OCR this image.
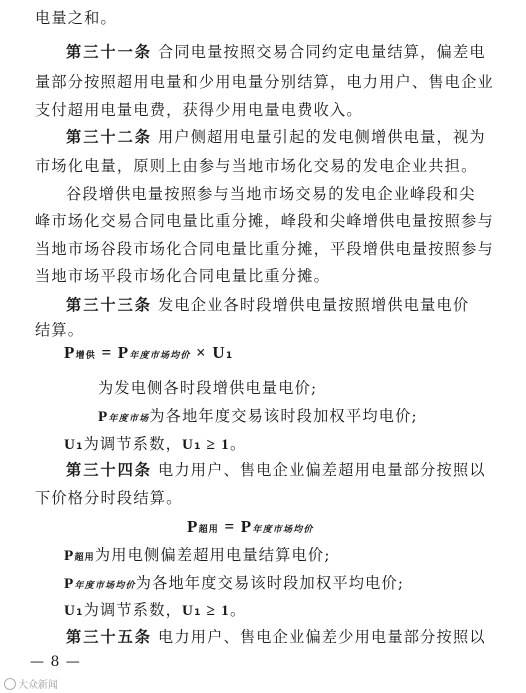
电量之和。
第三十一条 合同电量按照交易合同约定电量结算，偏差电
量部分按照超用电量和少用电量分别结算，电力用户、售电企业
支付超用电量电费，获得少用电量电费收入。
第三十二条 用户侧超用电量引起的发电侧增供电量，视为
市场化电量，原则上由参与当地市场化交易的发电企业共担。
谷段增供电量按照参与当地市场交易的发电企业峰段和尖
峰市场化交易合同电量比重分摊，峰段和尖峰增供电量按照参与
当地市场谷段市场化合同电量比重分摊，平段增供电量按照参与
当地市场平段市场化合同电量比重分摊。
第三十三条 发电企业各时段增供电量按照增供电量电价
结算。
P增供 = P年度市场均价 × U1
为发电侧各时段增供电量电价;
P年度市场为各地年度交易该时段加权平均电价;
U1为调节系数，U1 ≥ 1。
第三十四条 电力用户、售电企业偏差超用电量部分按照以
下价格分时段结算。
P超用 = P年度市场均价
P超用为用电侧偏差超用电量结算电价;
P年度市场均价为各地年度交易该时段加权平均电价;
U1为调节系数，U1 ≥ 1。
第三十五条 电力用户、售电企业偏差少用电量部分按照以
— 8 —
大众新闻
